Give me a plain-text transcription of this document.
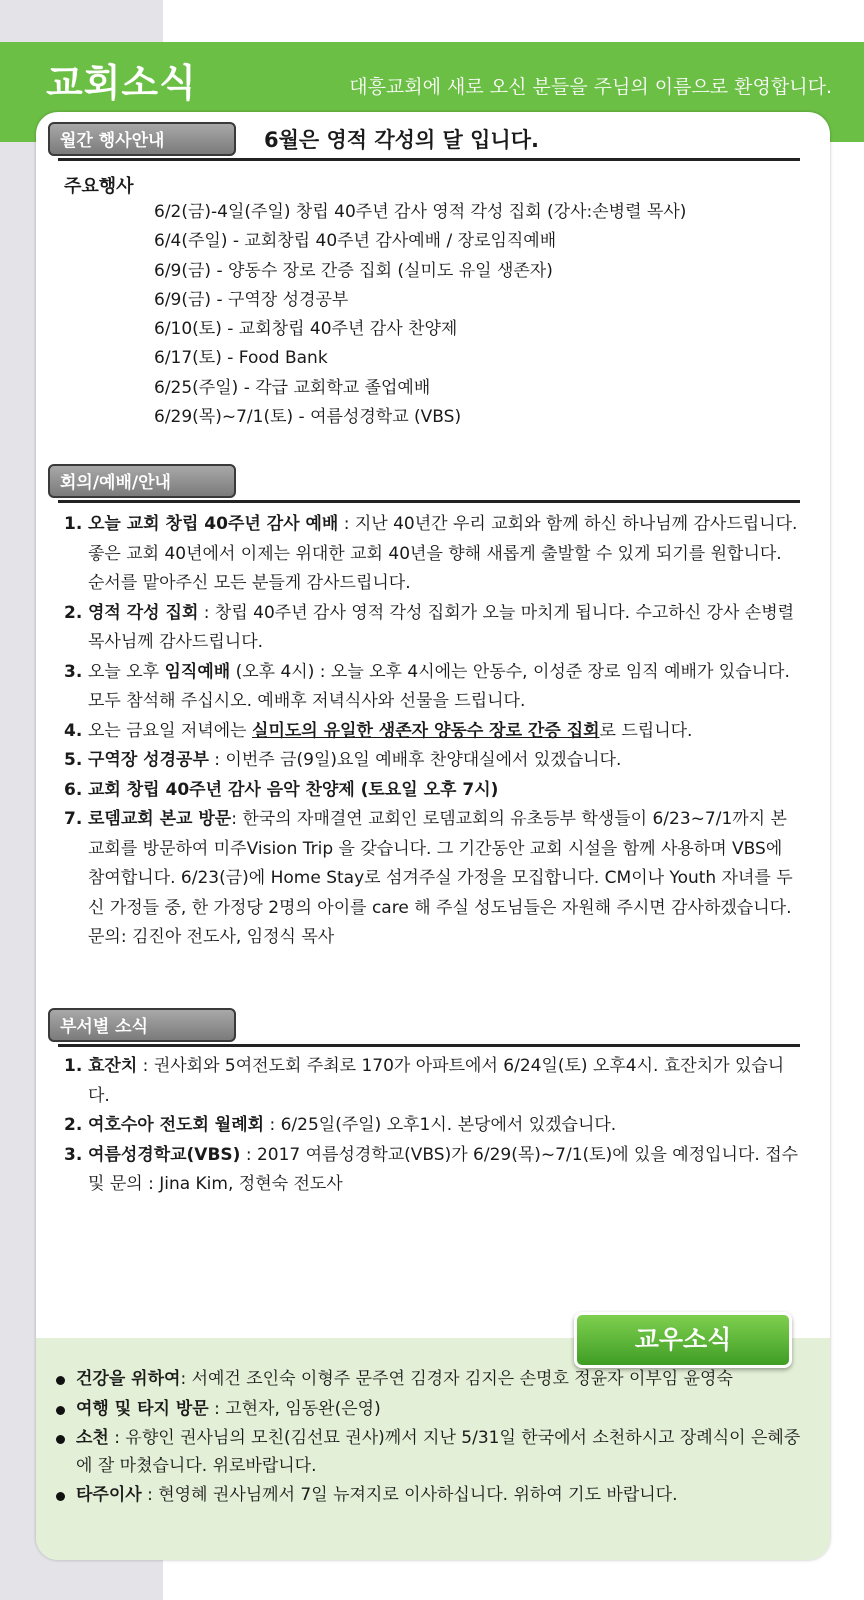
교회소식	대흥교회에 새로 오신 분들을 주님의 이름으로 환영합니다.
월간 행사안내	6월은 영적 각성의 달 입니다.
주요행사
6/2(금)-4일(주일) 창립 40주년 감사 영적 각성 집회 (강사:손병렬 목사)
6/4(주일) - 교회창립 40주년 감사예배 / 장로임직예배
6/9(금) - 양동수 장로 간증 집회 (실미도 유일 생존자)
6/9(금) - 구역장 성경공부
6/10(토) - 교회창립 40주년 감사 찬양제
6/17(토) - Food Bank
6/25(주일) - 각급 교회학교 졸업예배
6/29(목)~7/1(토) - 여름성경학교 (VBS)
회의/예배/안내
1. 오늘 교회 창립 40주년 감사 예배 : 지난 40년간 우리 교회와 함께 하신 하나님께 감사드립니다. 좋은 교회 40년에서 이제는 위대한 교회 40년을 향해 새롭게 출발할 수 있게 되기를 원합니다. 순서를 맡아주신 모든 분들게 감사드립니다.
2. 영적 각성 집회 : 창립 40주년 감사 영적 각성 집회가 오늘 마치게 됩니다. 수고하신 강사 손병렬 목사님께 감사드립니다.
3. 오늘 오후 임직예배 (오후 4시) : 오늘 오후 4시에는 안동수, 이성준 장로 임직 예배가 있습니다. 모두 참석해 주십시오. 예배후 저녁식사와 선물을 드립니다.
4. 오는 금요일 저녁에는 실미도의 유일한 생존자 양동수 장로 간증 집회로 드립니다.
5. 구역장 성경공부 : 이번주 금(9일)요일 예배후 찬양대실에서 있겠습니다.
6. 교회 창립 40주년 감사 음악 찬양제 (토요일 오후 7시)
7. 로뎀교회 본교 방문: 한국의 자매결연 교회인 로뎀교회의 유초등부 학생들이 6/23~7/1까지 본교회를 방문하여 미주Vision Trip 을 갖습니다. 그 기간동안 교회 시설을 함께 사용하며 VBS에 참여합니다. 6/23(금)에 Home Stay로 섬겨주실 가정을 모집합니다. CM이나 Youth 자녀를 두신 가정들 중, 한 가정당 2명의 아이를 care 해 주실 성도님들은 자원해 주시면 감사하겠습니다. 문의: 김진아 전도사, 임정식 목사
부서별 소식
1. 효잔치 : 권사회와 5여전도회 주최로 170가 아파트에서 6/24일(토) 오후4시. 효잔치가 있습니다.
2. 여호수아 전도회 월례회 : 6/25일(주일) 오후1시. 본당에서 있겠습니다.
3. 여름성경학교(VBS) : 2017 여름성경학교(VBS)가 6/29(목)~7/1(토)에 있을 예정입니다. 접수 및 문의 : Jina Kim, 정현숙 전도사
교우소식
건강을 위하여: 서예건 조인숙 이형주 문주연 김경자 김지은 손명호 정윤자 이부임 윤영숙
여행 및 타지 방문 : 고현자, 임동완(은영)
소천 : 유향인 권사님의 모친(김선묘 권사)께서 지난 5/31일 한국에서 소천하시고 장례식이 은혜중에 잘 마쳤습니다. 위로바랍니다.
타주이사 : 현영혜 권사님께서 7일 뉴져지로 이사하십니다. 위하여 기도 바랍니다.
